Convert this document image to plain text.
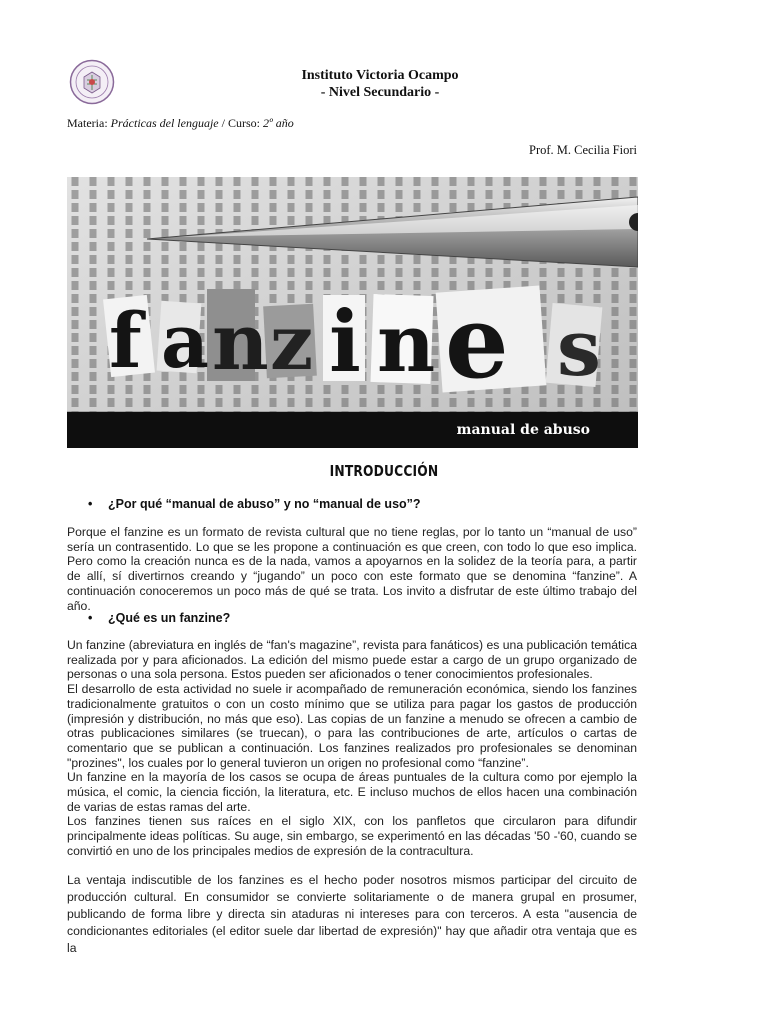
Instituto Victoria Ocampo
- Nivel Secundario -
Materia: Prácticas del lenguaje / Curso: 2º año
Prof. M. Cecilia Fiori
f a n z i n e s
manual de abuso
INTRODUCCIÓN
• ¿Por qué “manual de abuso” y no “manual de uso”?

Porque el fanzine es un formato de revista cultural que no tiene reglas, por lo tanto un “manual de uso” sería un contrasentido. Lo que se les propone a continuación es que creen, con todo lo que eso implica. Pero como la creación nunca es de la nada, vamos a apoyarnos en la solidez de la teoría para, a partir de allí, sí divertirnos creando y “jugando” un poco con este formato que se denomina “fanzine”. A continuación conoceremos un poco más de qué se trata. Los invito a disfrutar de este último trabajo del año.

• ¿Qué es un fanzine?

Un fanzine (abreviatura en inglés de “fan's magazine”, revista para fanáticos) es una publicación temática realizada por y para aficionados. La edición del mismo puede estar a cargo de un grupo organizado de personas o una sola persona. Estos pueden ser aficionados o tener conocimientos profesionales.

El desarrollo de esta actividad no suele ir acompañado de remuneración económica, siendo los fanzines tradicionalmente gratuitos o con un costo mínimo que se utiliza para pagar los gastos de producción (impresión y distribución, no más que eso). Las copias de un fanzine a menudo se ofrecen a cambio de otras publicaciones similares (se truecan), o para las contribuciones de arte, artículos o cartas de comentario que se publican a continuación. Los fanzines realizados pro profesionales se denominan "prozines", los cuales por lo general tuvieron un origen no profesional como “fanzine”.

Un fanzine en la mayoría de los casos se ocupa de áreas puntuales de la cultura como por ejemplo la música, el comic, la ciencia ficción, la literatura, etc. E incluso muchos de ellos hacen una combinación de varias de estas ramas del arte.

Los fanzines tienen sus raíces en el siglo XIX, con los panfletos que circularon para difundir principalmente ideas políticas. Su auge, sin embargo, se experimentó en las décadas '50 -'60, cuando se convirtió en uno de los principales medios de expresión de la contracultura.

La ventaja indiscutible de los fanzines es el hecho poder nosotros mismos participar del circuito de producción cultural. En consumidor se convierte solitariamente o de manera grupal en prosumer, publicando de forma libre y directa sin ataduras ni intereses para con terceros. A esta "ausencia de condicionantes editoriales (el editor suele dar libertad de expresión)" hay que añadir otra ventaja que es la
